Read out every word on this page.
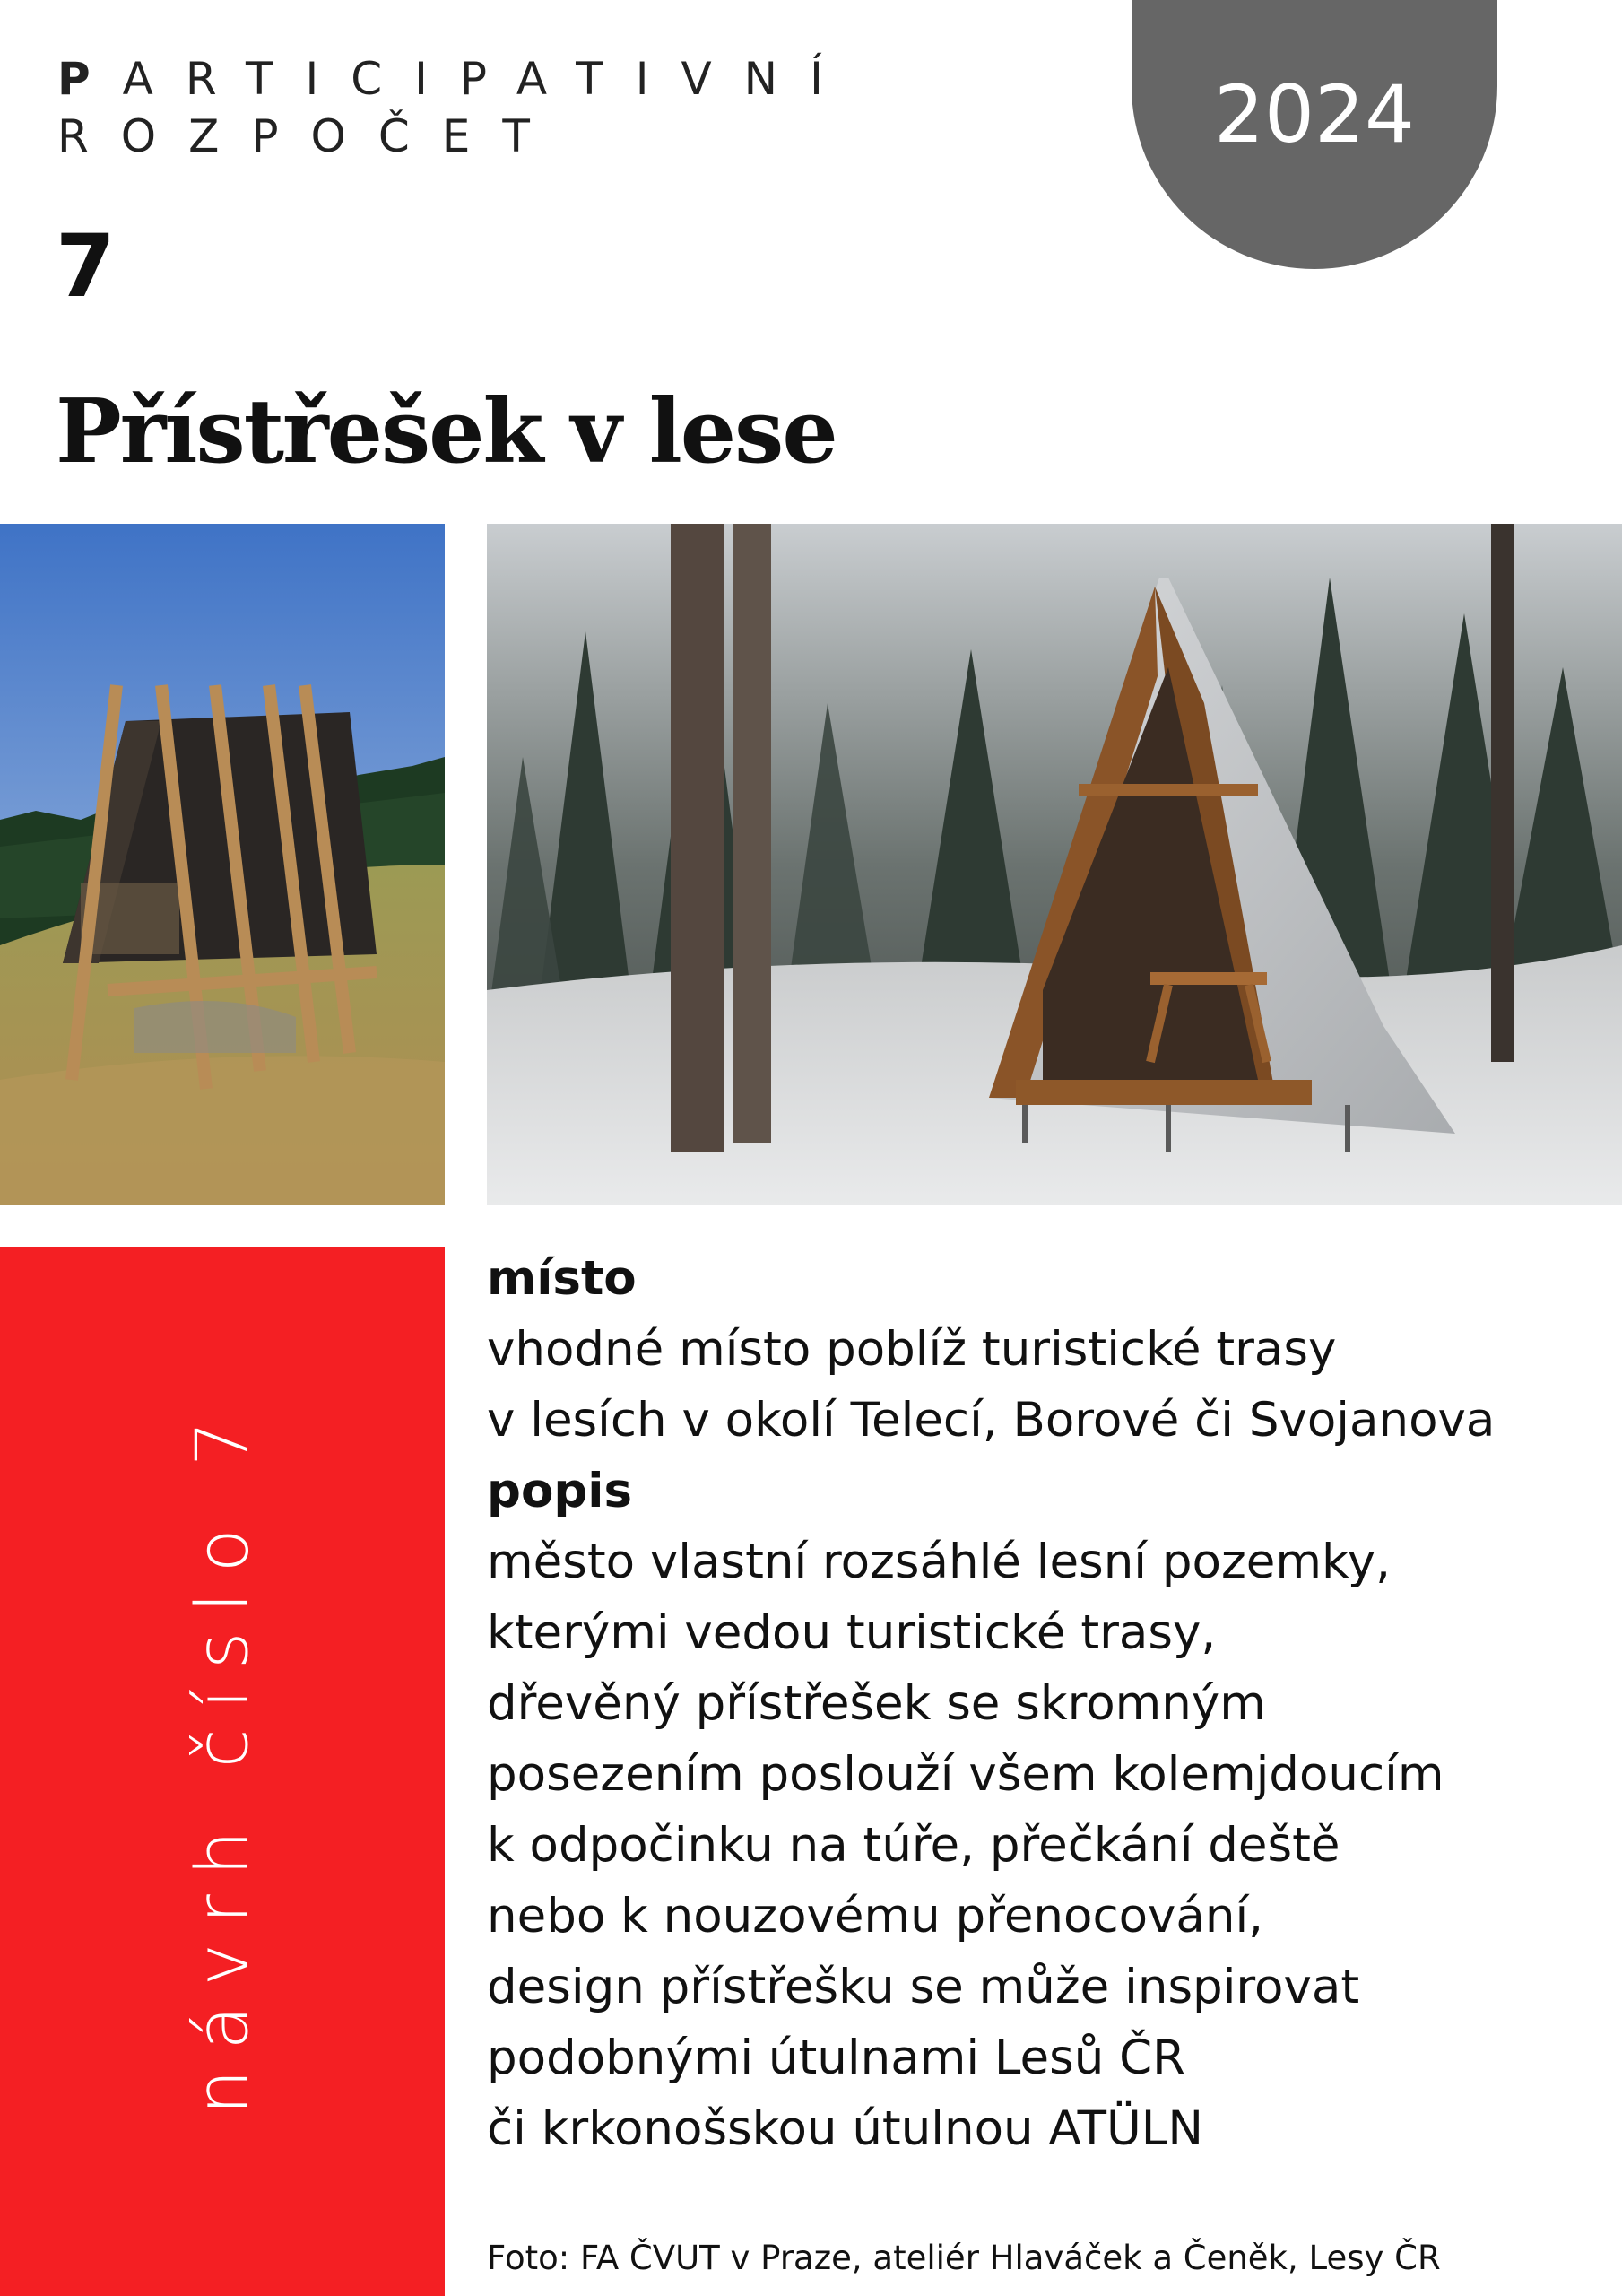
PARTICIPATIVNÍ
ROZPOČET
7
2024
Přístřešek v lese
návrh číslo 7
místo
vhodné místo poblíž turistické trasy
v lesích v okolí Telecí, Borové či Svojanova
popis
město vlastní rozsáhlé lesní pozemky,
kterými vedou turistické trasy,
dřevěný přístřešek se skromným
posezením poslouží všem kolemjdoucím
k odpočinku na túře, přečkání deště
nebo k nouzovému přenocování,
design přístřešku se může inspirovat
podobnými útulnami Lesů ČR
či krkonošskou útulnou ATÜLN
Foto: FA ČVUT v Praze, ateliér Hlaváček a Čeněk, Lesy ČR
